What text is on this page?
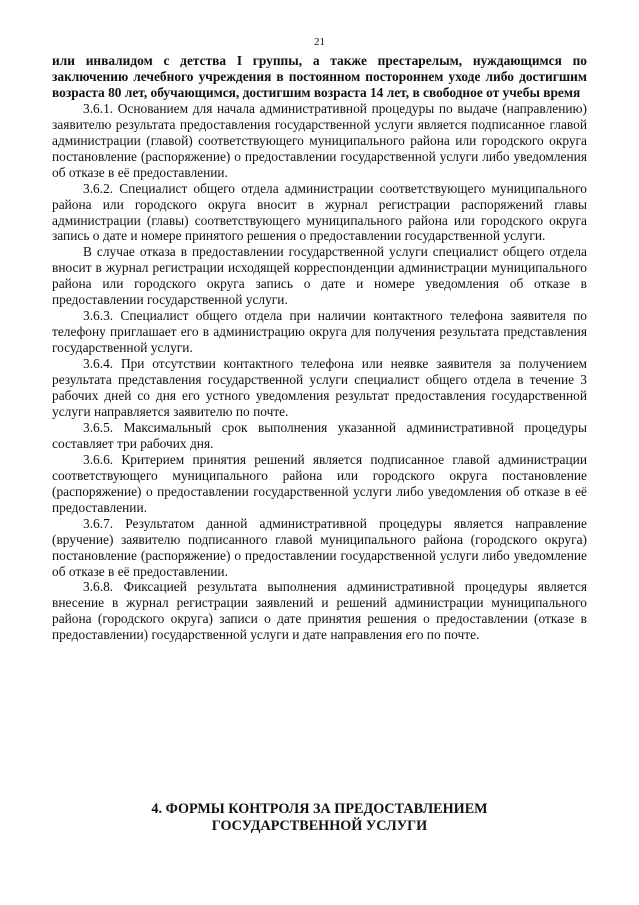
21

или инвалидом с детства I группы, а также престарелым, нуждающимся по заключению лечебного учреждения в постоянном постороннем уходе либо достигшим возраста 80 лет, обучающимся, достигшим возраста 14 лет, в свободное от учебы время

3.6.1. Основанием для начала административной процедуры по выдаче (направлению) заявителю результата предоставления государственной услуги является подписанное главой администрации (главой) соответствующего муниципального района или городского округа постановление (распоряжение) о предоставлении государственной услуги либо уведомления об отказе в её предоставлении.

3.6.2. Специалист общего отдела администрации соответствующего муниципального района или городского округа вносит в журнал регистрации распоряжений главы администрации (главы) соответствующего муниципального района или городского округа запись о дате и номере принятого решения о предоставлении государственной услуги.

В случае отказа в предоставлении государственной услуги специалист общего отдела вносит в журнал регистрации исходящей корреспонденции администрации муниципального района или городского округа запись о дате и номере уведомления об отказе в предоставлении государственной услуги.

3.6.3. Специалист общего отдела при наличии контактного телефона заявителя по телефону приглашает его в администрацию округа для получения результата представления государственной услуги.

3.6.4. При отсутствии контактного телефона или неявке заявителя за получением результата представления государственной услуги специалист общего отдела в течение 3 рабочих дней со дня его устного уведомления результат предоставления государственной услуги направляется заявителю по почте.

3.6.5. Максимальный срок выполнения указанной административной процедуры составляет три рабочих дня.

3.6.6. Критерием принятия решений является подписанное главой администрации соответствующего муниципального района или городского округа постановление (распоряжение) о предоставлении государственной услуги либо уведомления об отказе в её предоставлении.

3.6.7. Результатом данной административной процедуры является направление (вручение) заявителю подписанного главой муниципального района (городского округа) постановление (распоряжение) о предоставлении государственной услуги либо уведомление об отказе в её предоставлении.

3.6.8. Фиксацией результата выполнения административной процедуры является внесение в журнал регистрации заявлений и решений администрации муниципального района (городского округа) записи о дате принятия решения о предоставлении (отказе в предоставлении) государственной услуги и дате направления его по почте.

4. ФОРМЫ КОНТРОЛЯ ЗА ПРЕДОСТАВЛЕНИЕМ
ГОСУДАРСТВЕННОЙ УСЛУГИ
